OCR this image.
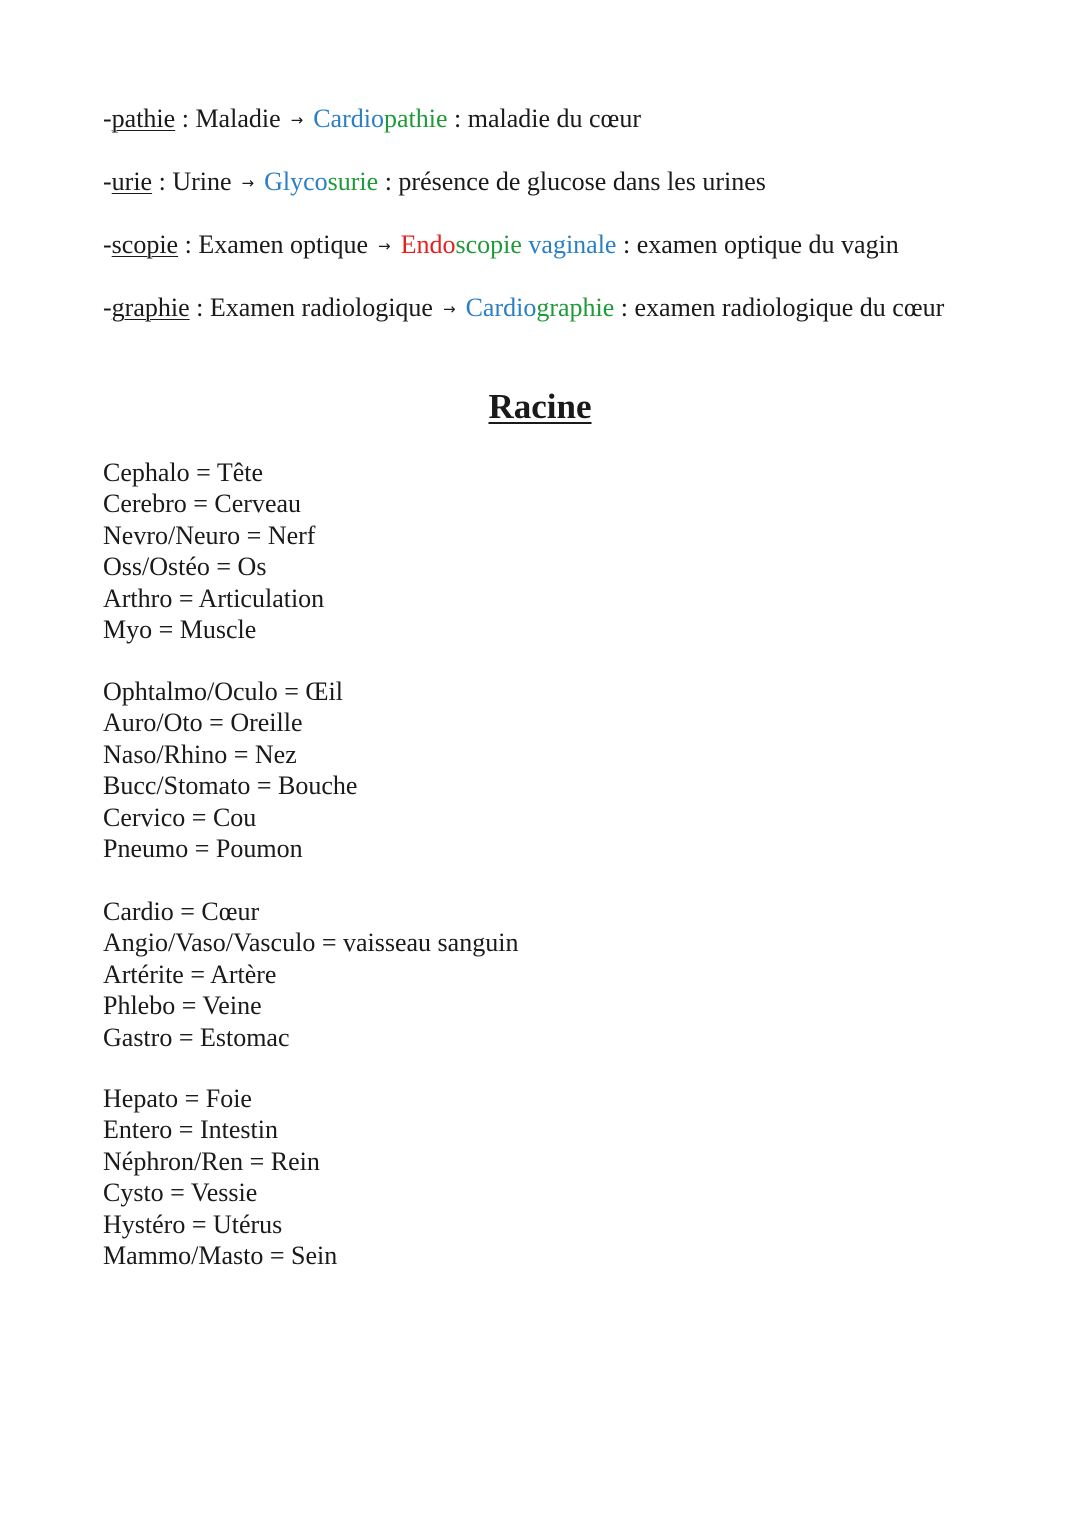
-pathie : Maladie → Cardiopathie : maladie du cœur
-urie : Urine → Glycosurie : présence de glucose dans les urines
-scopie : Examen optique → Endoscopie vaginale : examen optique du vagin
-graphie : Examen radiologique → Cardiographie : examen radiologique du cœur
Racine
Cephalo = Tête
Cerebro = Cerveau
Nevro/Neuro = Nerf
Oss/Ostéo = Os
Arthro = Articulation
Myo = Muscle
Ophtalmo/Oculo = Œil
Auro/Oto = Oreille
Naso/Rhino = Nez
Bucc/Stomato = Bouche
Cervico = Cou
Pneumo = Poumon
Cardio = Cœur
Angio/Vaso/Vasculo = vaisseau sanguin
Artérite = Artère
Phlebo = Veine
Gastro = Estomac
Hepato = Foie
Entero = Intestin
Néphron/Ren = Rein
Cysto = Vessie
Hystéro = Utérus
Mammo/Masto = Sein
